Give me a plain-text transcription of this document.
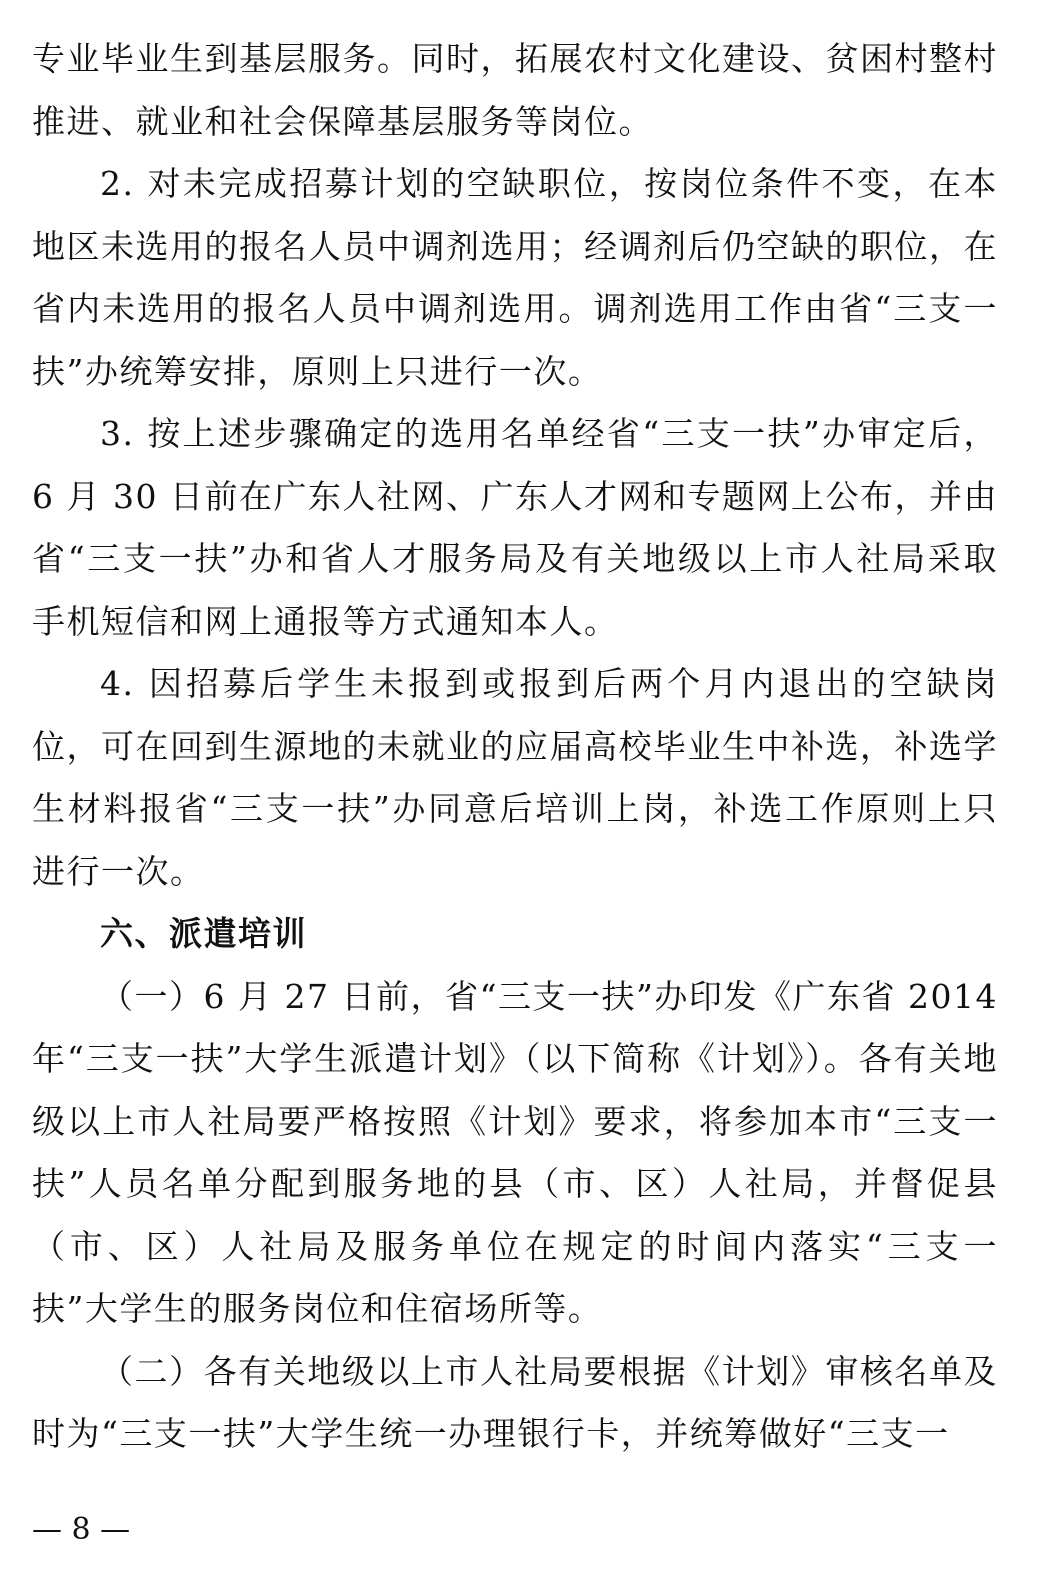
专业毕业生到基层服务。同时，拓展农村文化建设、贫困村整村推进、就业和社会保障基层服务等岗位。

2. 对未完成招募计划的空缺职位，按岗位条件不变，在本地区未选用的报名人员中调剂选用；经调剂后仍空缺的职位，在省内未选用的报名人员中调剂选用。调剂选用工作由省“三支一扶”办统筹安排，原则上只进行一次。

3. 按上述步骤确定的选用名单经省“三支一扶”办审定后，6 月 30 日前在广东人社网、广东人才网和专题网上公布，并由省“三支一扶”办和省人才服务局及有关地级以上市人社局采取手机短信和网上通报等方式通知本人。

4. 因招募后学生未报到或报到后两个月内退出的空缺岗位，可在回到生源地的未就业的应届高校毕业生中补选，补选学生材料报省“三支一扶”办同意后培训上岗，补选工作原则上只进行一次。

六、派遣培训

（一）6 月 27 日前，省“三支一扶”办印发《广东省 2014 年“三支一扶”大学生派遣计划》（以下简称《计划》）。各有关地级以上市人社局要严格按照《计划》要求，将参加本市“三支一扶”人员名单分配到服务地的县（市、区）人社局，并督促县（市、区）人社局及服务单位在规定的时间内落实“三支一扶”大学生的服务岗位和住宿场所等。

（二）各有关地级以上市人社局要根据《计划》审核名单及时为“三支一扶”大学生统一办理银行卡，并统筹做好“三支一

— 8 —
